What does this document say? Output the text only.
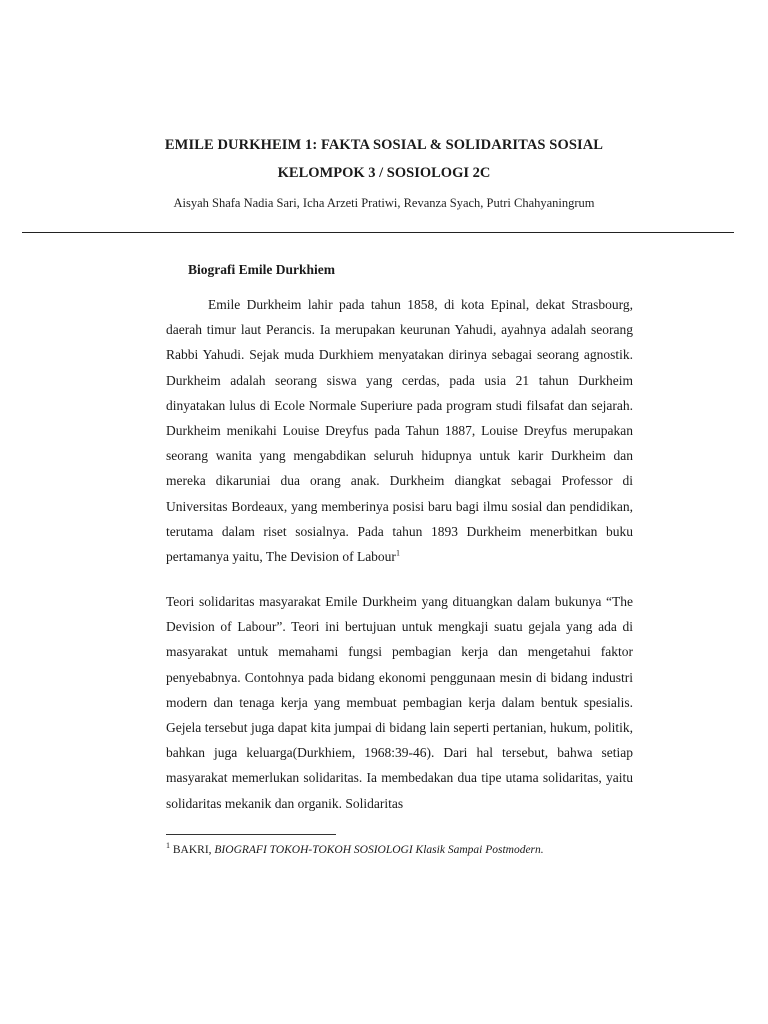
EMILE DURKHEIM 1: FAKTA SOSIAL & SOLIDARITAS SOSIAL
KELOMPOK 3 / SOSIOLOGI 2C
Aisyah Shafa Nadia Sari, Icha Arzeti Pratiwi, Revanza Syach, Putri Chahyaningrum
Biografi Emile Durkhiem

Emile Durkheim lahir pada tahun 1858, di kota Epinal, dekat Strasbourg, daerah timur laut Perancis. Ia merupakan keurunan Yahudi, ayahnya adalah seorang Rabbi Yahudi. Sejak muda Durkhiem menyatakan dirinya sebagai seorang agnostik. Durkheim adalah seorang siswa yang cerdas, pada usia 21 tahun Durkheim dinyatakan lulus di Ecole Normale Superiure pada program studi filsafat dan sejarah. Durkheim menikahi Louise Dreyfus pada Tahun 1887, Louise Dreyfus merupakan seorang wanita yang mengabdikan seluruh hidupnya untuk karir Durkheim dan mereka dikaruniai dua orang anak. Durkheim diangkat sebagai Professor di Universitas Bordeaux, yang memberinya posisi baru bagi ilmu sosial dan pendidikan, terutama dalam riset sosialnya. Pada tahun 1893 Durkheim menerbitkan buku pertamanya yaitu, The Devision of Labour$^1$

Teori solidaritas masyarakat Emile Durkheim yang dituangkan dalam bukunya “The Devision of Labour”. Teori ini bertujuan untuk mengkaji suatu gejala yang ada di masyarakat untuk memahami fungsi pembagian kerja dan mengetahui faktor penyebabnya. Contohnya pada bidang ekonomi penggunaan mesin di bidang industri modern dan tenaga kerja yang membuat pembagian kerja dalam bentuk spesialis. Gejela tersebut juga dapat kita jumpai di bidang lain seperti pertanian, hukum, politik, bahkan juga keluarga(Durkhiem, 1968:39-46). Dari hal tersebut, bahwa setiap masyarakat memerlukan solidaritas. Ia membedakan dua tipe utama solidaritas, yaitu solidaritas mekanik dan organik. Solidaritas

$^1$ BAKRI, BIOGRAFI TOKOH-TOKOH SOSIOLOGI Klasik Sampai Postmodern.
